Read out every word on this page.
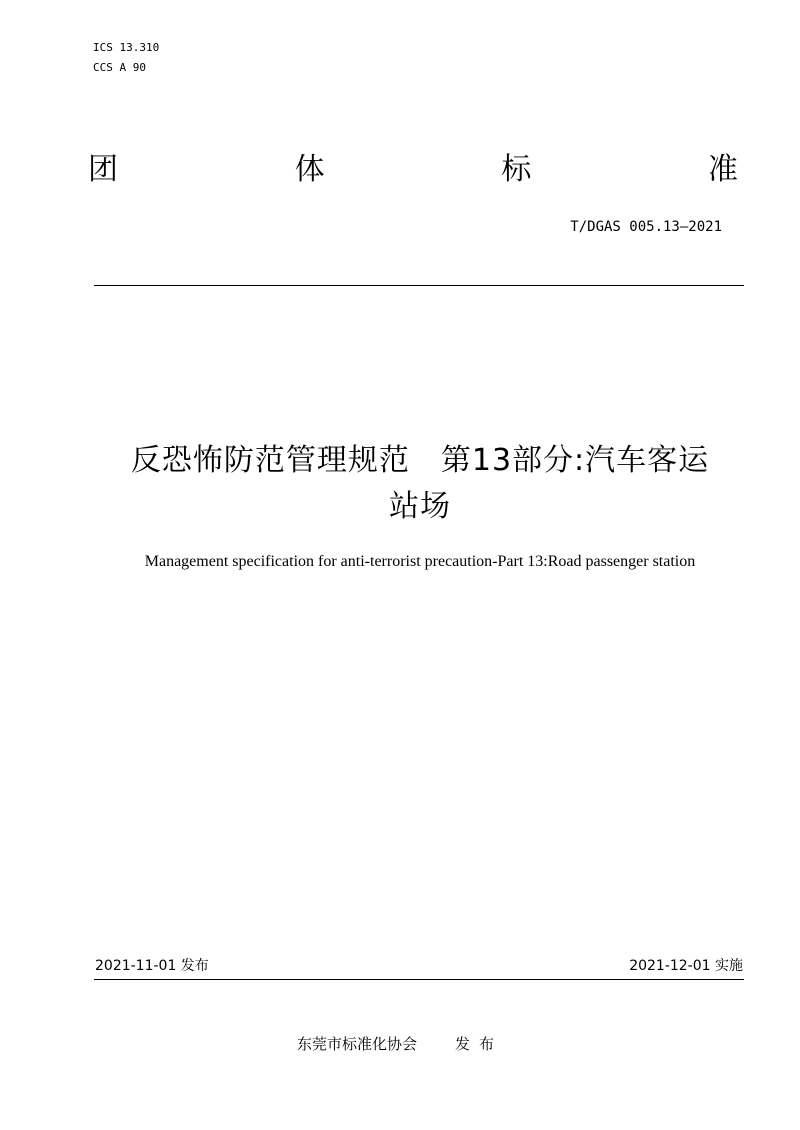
ICS 13.310
CCS A 90
团	体	标	准
T/DGAS 005.13—2021
反恐怖防范管理规范　第13部分:汽车客运
站场
Management specification for anti-terrorist precaution-Part 13:Road passenger station
2021-11-01 发布	2021-12-01 实施
东莞市标准化协会	发布
